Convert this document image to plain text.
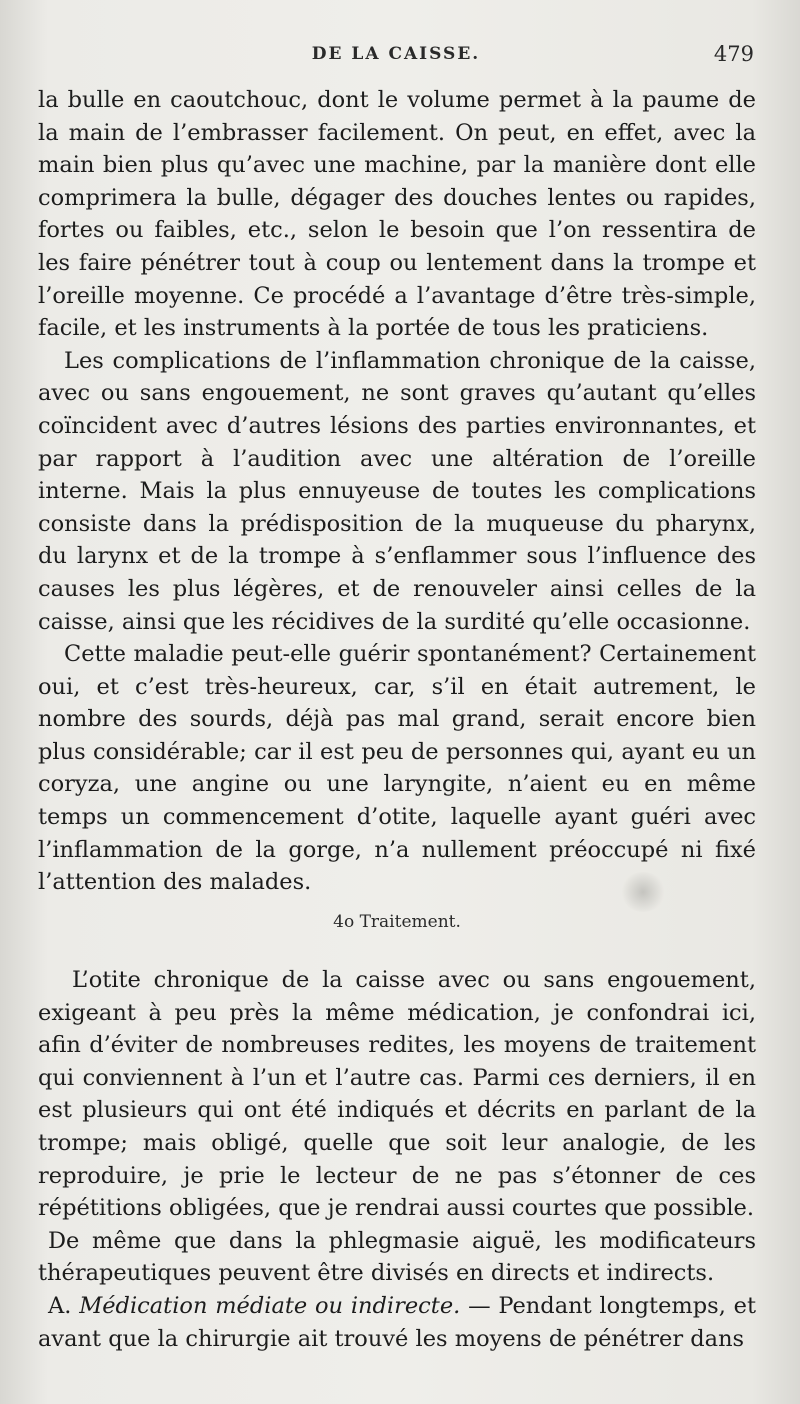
DE LA CAISSE.	479

la bulle en caoutchouc, dont le volume permet à la paume de la main de l’embrasser facilement. On peut, en effet, avec la main bien plus qu’avec une machine, par la manière dont elle comprimera la bulle, dégager des douches lentes ou rapides, fortes ou faibles, etc., selon le besoin que l’on ressentira de les faire pénétrer tout à coup ou lentement dans la trompe et l’oreille moyenne. Ce procédé a l’avantage d’être très-simple, facile, et les instruments à la portée de tous les praticiens.

Les complications de l’inflammation chronique de la caisse, avec ou sans engouement, ne sont graves qu’autant qu’elles coïncident avec d’autres lésions des parties environnantes, et par rapport à l’audition avec une altération de l’oreille interne. Mais la plus ennuyeuse de toutes les complications consiste dans la prédisposition de la muqueuse du pharynx, du larynx et de la trompe à s’enflammer sous l’influence des causes les plus légères, et de renouveler ainsi celles de la caisse, ainsi que les récidives de la surdité qu’elle occasionne.

Cette maladie peut-elle guérir spontanément? Certainement oui, et c’est très-heureux, car, s’il en était autrement, le nombre des sourds, déjà pas mal grand, serait encore bien plus considérable; car il est peu de personnes qui, ayant eu un coryza, une angine ou une laryngite, n’aient eu en même temps un commencement d’otite, laquelle ayant guéri avec l’inflammation de la gorge, n’a nullement préoccupé ni fixé l’attention des malades.

4o Traitement.

L’otite chronique de la caisse avec ou sans engouement, exigeant à peu près la même médication, je confondrai ici, afin d’éviter de nombreuses redites, les moyens de traitement qui conviennent à l’un et l’autre cas. Parmi ces derniers, il en est plusieurs qui ont été indiqués et décrits en parlant de la trompe; mais obligé, quelle que soit leur analogie, de les reproduire, je prie le lecteur de ne pas s’étonner de ces répétitions obligées, que je rendrai aussi courtes que possible.

De même que dans la phlegmasie aiguë, les modificateurs thérapeutiques peuvent être divisés en directs et indirects.

A. Médication médiate ou indirecte. — Pendant longtemps, et avant que la chirurgie ait trouvé les moyens de pénétrer dans
